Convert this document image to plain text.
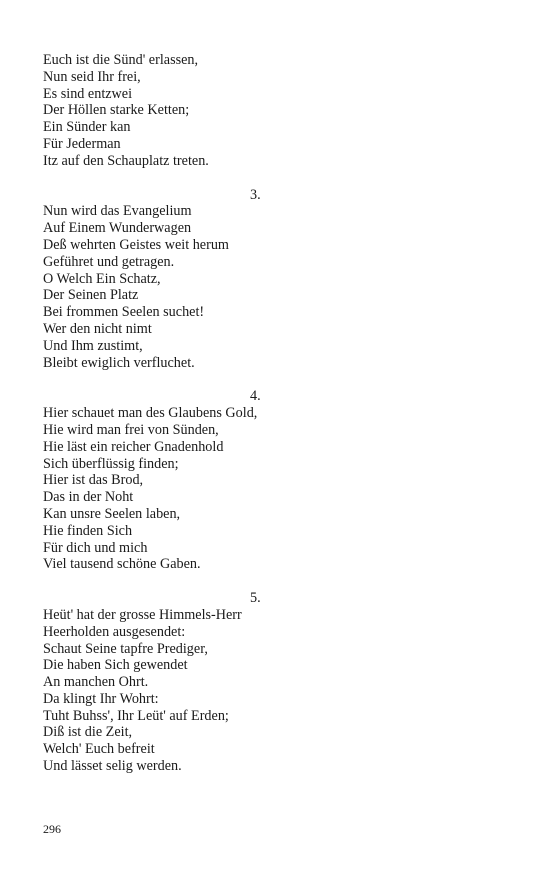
Euch ist die Sünd' erlassen,
Nun seid Ihr frei,
Es sind entzwei
Der Höllen starke Ketten;
Ein Sünder kan
Für Jederman
Itz auf den Schauplatz treten.
3.
Nun wird das Evangelium
Auf Einem Wunderwagen
Deß wehrten Geistes weit herum
Geführet und getragen.
O Welch Ein Schatz,
Der Seinen Platz
Bei frommen Seelen suchet!
Wer den nicht nimt
Und Ihm zustimt,
Bleibt ewiglich verfluchet.
4.
Hier schauet man des Glaubens Gold,
Hie wird man frei von Sünden,
Hie läst ein reicher Gnadenhold
Sich überflüssig finden;
Hier ist das Brod,
Das in der Noht
Kan unsre Seelen laben,
Hie finden Sich
Für dich und mich
Viel tausend schöne Gaben.
5.
Heüt' hat der grosse Himmels-Herr
Heerholden ausgesendet:
Schaut Seine tapfre Prediger,
Die haben Sich gewendet
An manchen Ohrt.
Da klingt Ihr Wohrt:
Tuht Buhss', Ihr Leüt' auf Erden;
Diß ist die Zeit,
Welch' Euch befreit
Und lässet selig werden.
296
